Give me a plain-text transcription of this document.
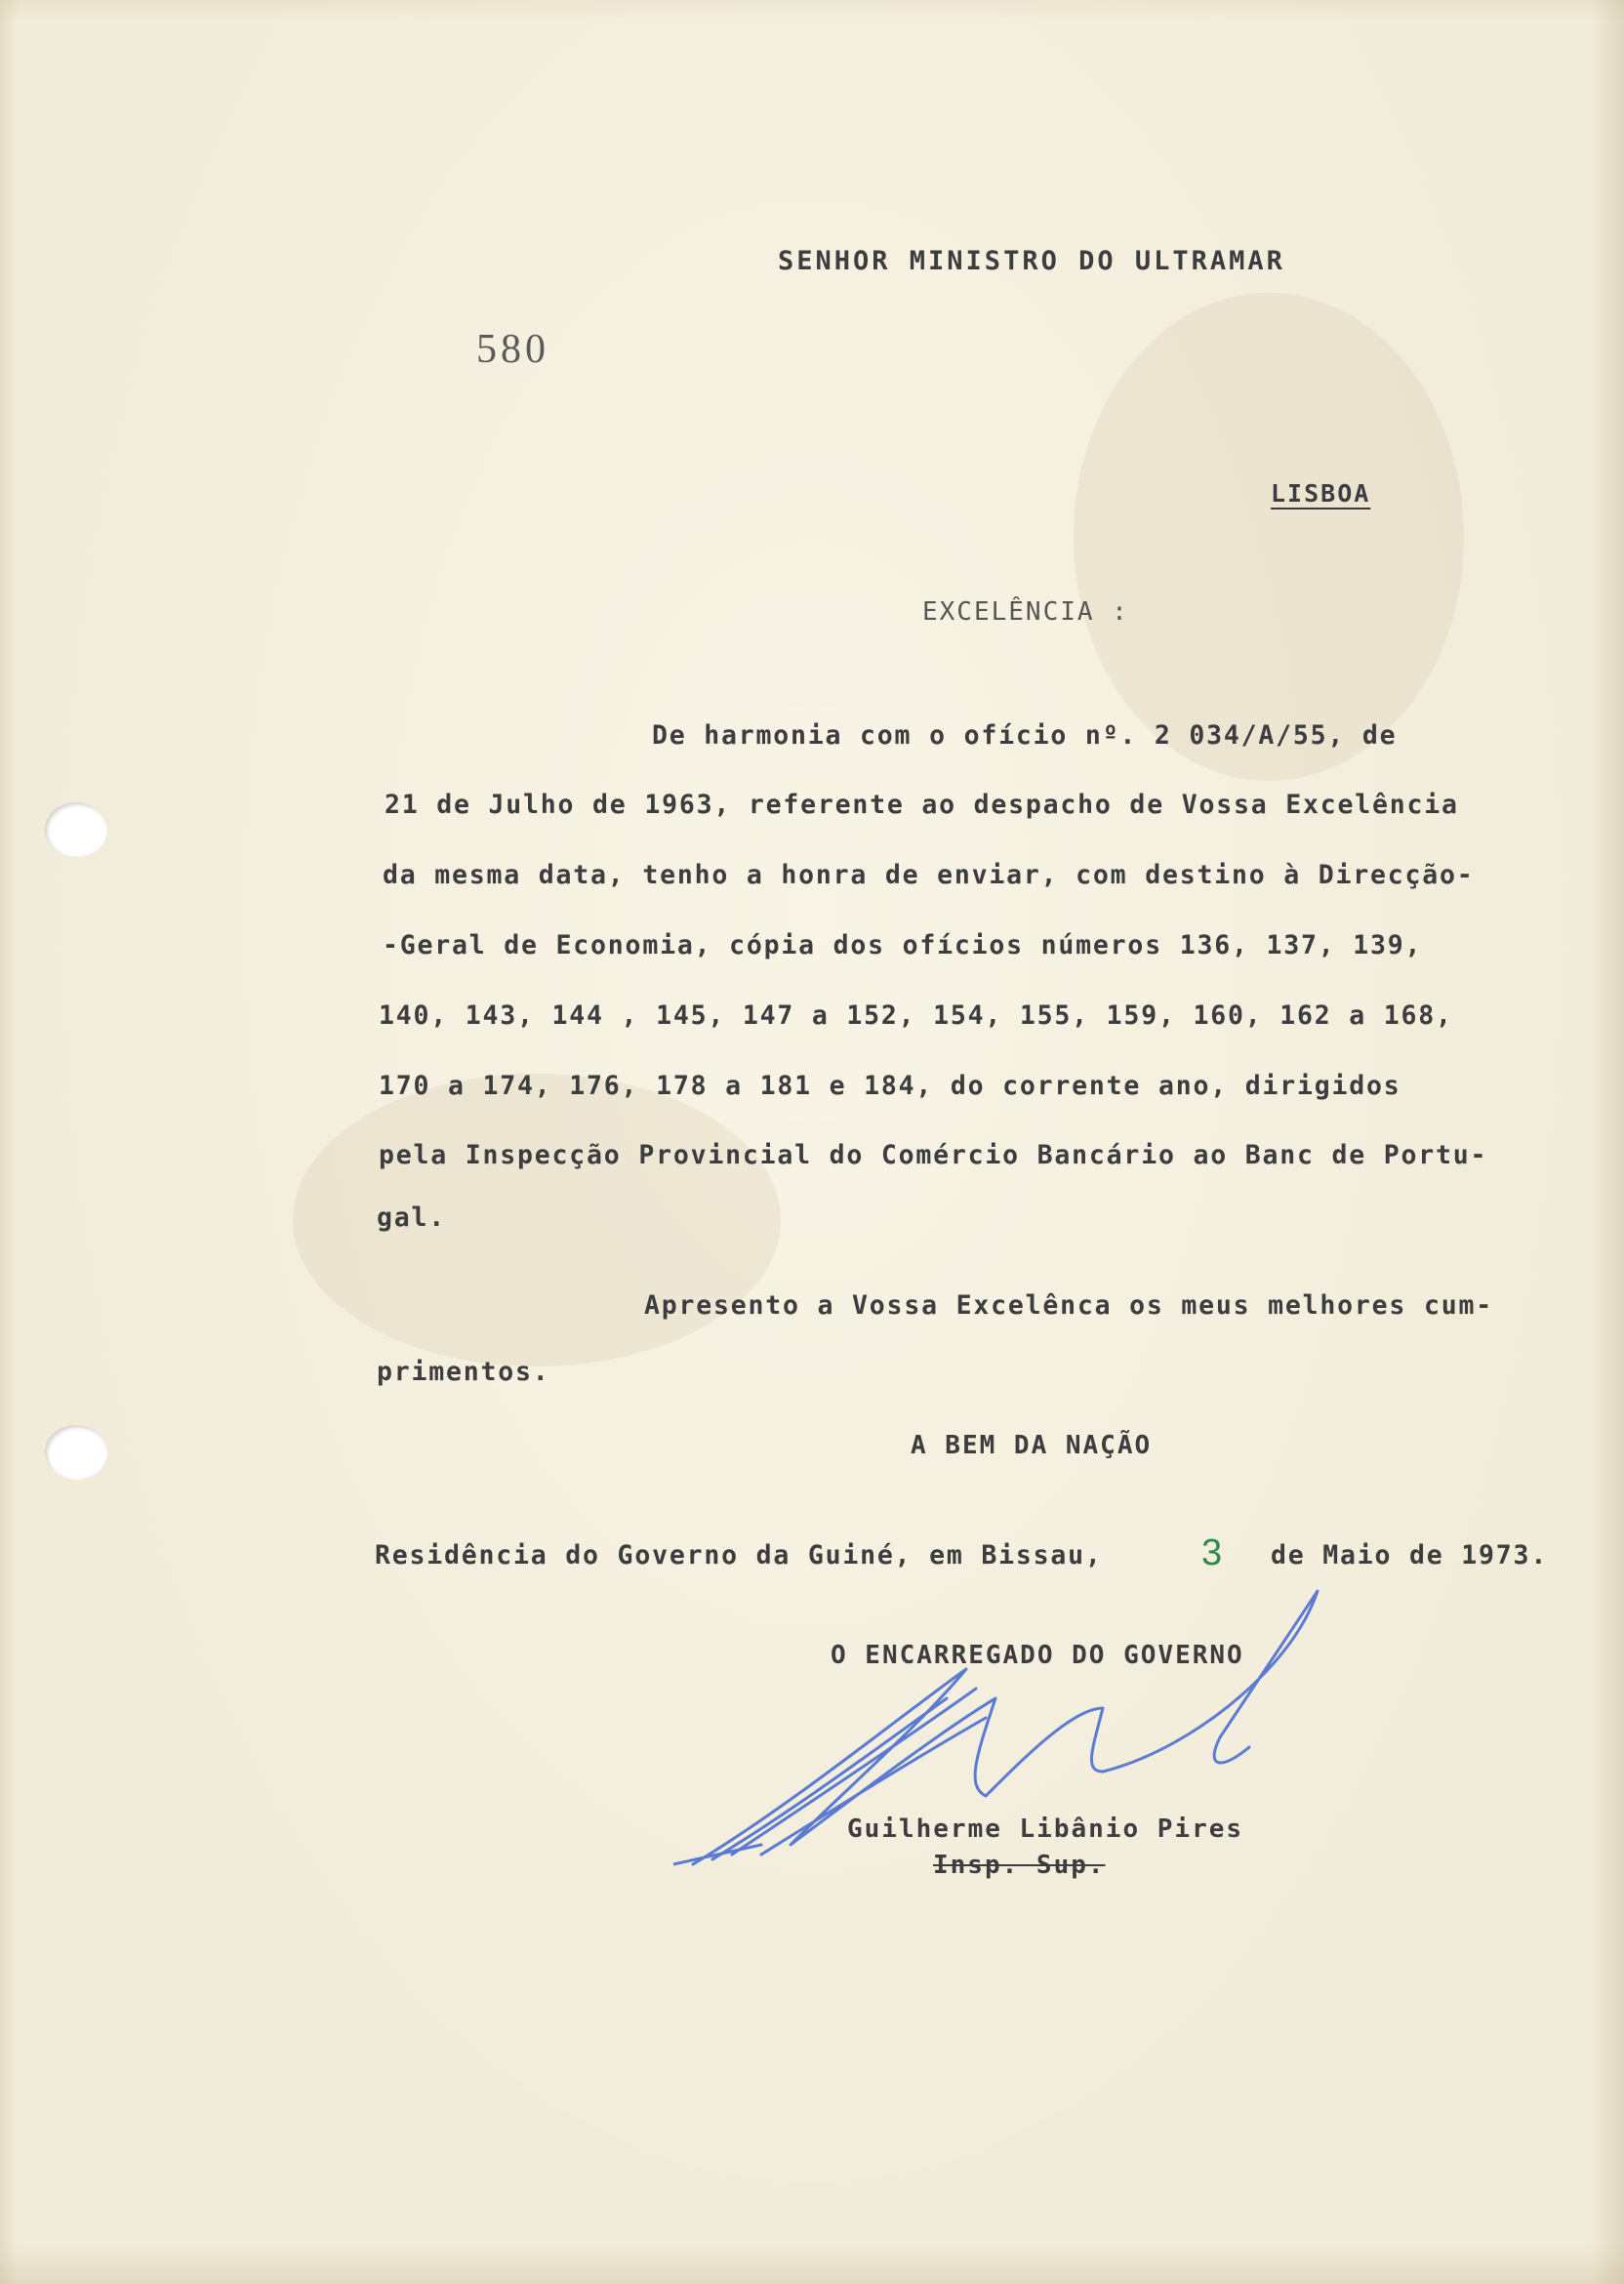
SENHOR MINISTRO DO ULTRAMAR
580
LISBOA
EXCELÊNCIA :
De harmonia com o ofício nº. 2 034/A/55, de
21 de Julho de 1963, referente ao despacho de Vossa Excelência
da mesma data, tenho a honra de enviar, com destino à Direcção-
-Geral de Economia, cópia dos ofícios números 136, 137, 139,
140, 143, 144 , 145, 147 a 152, 154, 155, 159, 160, 162 a 168,
170 a 174, 176, 178 a 181 e 184, do corrente ano, dirigidos
pela Inspecção Provincial do Comércio Bancário ao Banc de Portu-
gal.
Apresento a Vossa Excelênca os meus melhores cum-
primentos.
A BEM DA NAÇÃO
Residência do Governo da Guiné, em Bissau,	3 de Maio de 1973.
O ENCARREGADO DO GOVERNO
Guilherme Libânio Pires
Insp. Sup.
